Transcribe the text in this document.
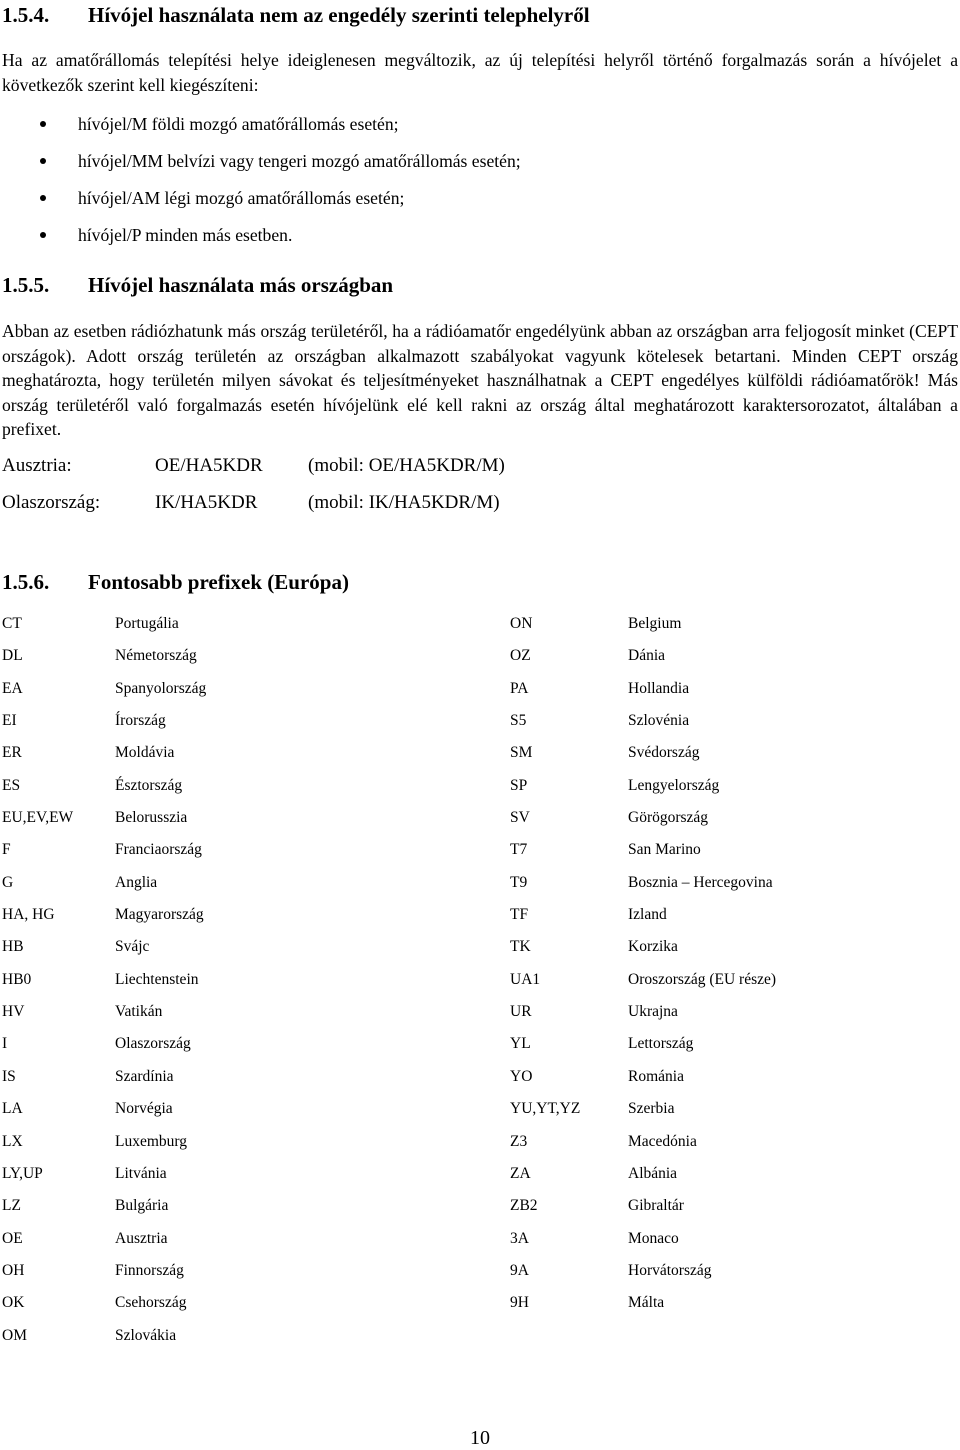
1.5.4. Hívójel használata nem az engedély szerinti telephelyről
Ha az amatőrállomás telepítési helye ideiglenesen megváltozik, az új telepítési helyről történő forgalmazás során a hívójelet a következők szerint kell kiegészíteni:
hívójel/M földi mozgó amatőrállomás esetén;
hívójel/MM belvízi vagy tengeri mozgó amatőrállomás esetén;
hívójel/AM légi mozgó amatőrállomás esetén;
hívójel/P minden más esetben.
1.5.5. Hívójel használata más országban
Abban az esetben rádiózhatunk más ország területéről, ha a rádióamatőr engedélyünk abban az országban arra feljogosít minket (CEPT országok). Adott ország területén az országban alkalmazott szabályokat vagyunk kötelesek betartani. Minden CEPT ország meghatározta, hogy területén milyen sávokat és teljesítményeket használhatnak a CEPT engedélyes külföldi rádióamatőrök! Más ország területéről való forgalmazás esetén hívójelünk elé kell rakni az ország által meghatározott karaktersorozatot, általában a prefixet.
Ausztria:	OE/HA5KDR (mobil: OE/HA5KDR/M)
Olaszország:	IK/HA5KDR	(mobil: IK/HA5KDR/M)
1.5.6. Fontosabb prefixek (Európa)
CT	Portugália	ON	Belgium
DL	Németország	OZ	Dánia
EA	Spanyolország	PA	Hollandia
EI	Írország	S5	Szlovénia
ER	Moldávia	SM	Svédország
ES	Észtország	SP	Lengyelország
EU,EV,EW	Belorusszia	SV	Görögország
F	Franciaország	T7	San Marino
G	Anglia	T9	Bosznia – Hercegovina
HA, HG	Magyarország	TF	Izland
HB	Svájc	TK	Korzika
HB0	Liechtenstein	UA1	Oroszország (EU része)
HV	Vatikán	UR	Ukrajna
I	Olaszország	YL	Lettország
IS	Szardínia	YO	Románia
LA	Norvégia	YU,YT,YZ	Szerbia
LX	Luxemburg	Z3	Macedónia
LY,UP	Litvánia	ZA	Albánia
LZ	Bulgária	ZB2	Gibraltár
OE	Ausztria	3A	Monaco
OH	Finnország	9A	Horvátország
OK	Csehország	9H	Málta
OM	Szlovákia
10
